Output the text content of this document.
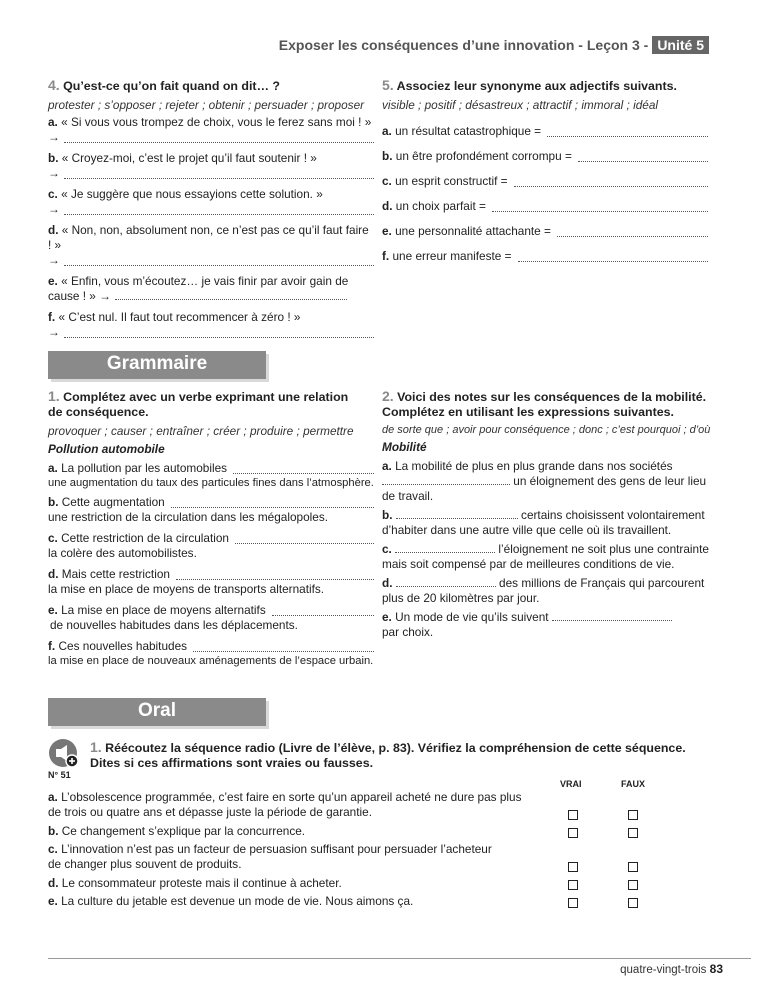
Exposer les conséquences d’une innovation - Leçon 3 - Unité 5
4. Qu’est-ce qu’on fait quand on dit… ?
protester ; s’opposer ; rejeter ; obtenir ; persuader ; proposer
a. « Si vous vous trompez de choix, vous le ferez sans moi ! »
→
b. « Croyez-moi, c’est le projet qu’il faut soutenir ! »
→
c. « Je suggère que nous essayions cette solution. »
→
d. « Non, non, absolument non, ce n’est pas ce qu’il faut faire ! »
→
e. « Enfin, vous m’écoutez… je vais finir par avoir gain de cause ! » →
f. « C’est nul. Il faut tout recommencer à zéro ! »
→
5. Associez leur synonyme aux adjectifs suivants.
visible ; positif ; désastreux ; attractif ; immoral ; idéal
a.
un résultat catastrophique =
b.
un être profondément corrompu =
c.
un esprit constructif =
d.
un choix parfait =
e.
une personnalité attachante =
f.
une erreur manifeste =
Grammaire
1. Complétez avec un verbe exprimant une relation
de conséquence.
provoquer ; causer ; entraîner ; créer ; produire ; permettre
Pollution automobile
a.
La pollution par les automobiles
une augmentation du taux des particules fines dans l’atmosphère.
b.
Cette augmentation
une restriction de la circulation dans les mégalopoles.
c.
Cette restriction de la circulation
la colère des automobilistes.
d.
Mais cette restriction
la mise en place de moyens de transports alternatifs.
e.
La mise en place de moyens alternatifs
de nouvelles habitudes dans les déplacements.
f.
Ces nouvelles habitudes
la mise en place de nouveaux aménagements de l’espace urbain.
2. Voici des notes sur les conséquences de la mobilité.
Complétez en utilisant les expressions suivantes.
de sorte que ; avoir pour conséquence ; donc ; c’est pourquoi ; d’où
Mobilité
a. La mobilité de plus en plus grande dans nos sociétés
un éloignement des gens de leur lieu
de travail.
b.	certains choisissent volontairement
d’habiter dans une autre ville que celle où ils travaillent.
c.	l’éloignement ne soit plus une contrainte
mais soit compensé par de meilleures conditions de vie.
d.	des millions de Français qui parcourent
plus de 20 kilomètres par jour.
e. Un mode de vie qu’ils suivent
par choix.
Oral
N° 51
1. Réécoutez la séquence radio (Livre de l’élève, p. 83). Vérifiez la compréhension de cette séquence.
Dites si ces affirmations sont vraies ou fausses.
VRAI	FAUX
a. L’obsolescence programmée, c’est faire en sorte qu’un appareil acheté ne dure pas plus
de trois ou quatre ans et dépasse juste la période de garantie.
b. Ce changement s’explique par la concurrence.
c. L’innovation n’est pas un facteur de persuasion suffisant pour persuader l’acheteur
de changer plus souvent de produits.
d. Le consommateur proteste mais il continue à acheter.
e. La culture du jetable est devenue un mode de vie. Nous aimons ça.
quatre-vingt-trois 83
